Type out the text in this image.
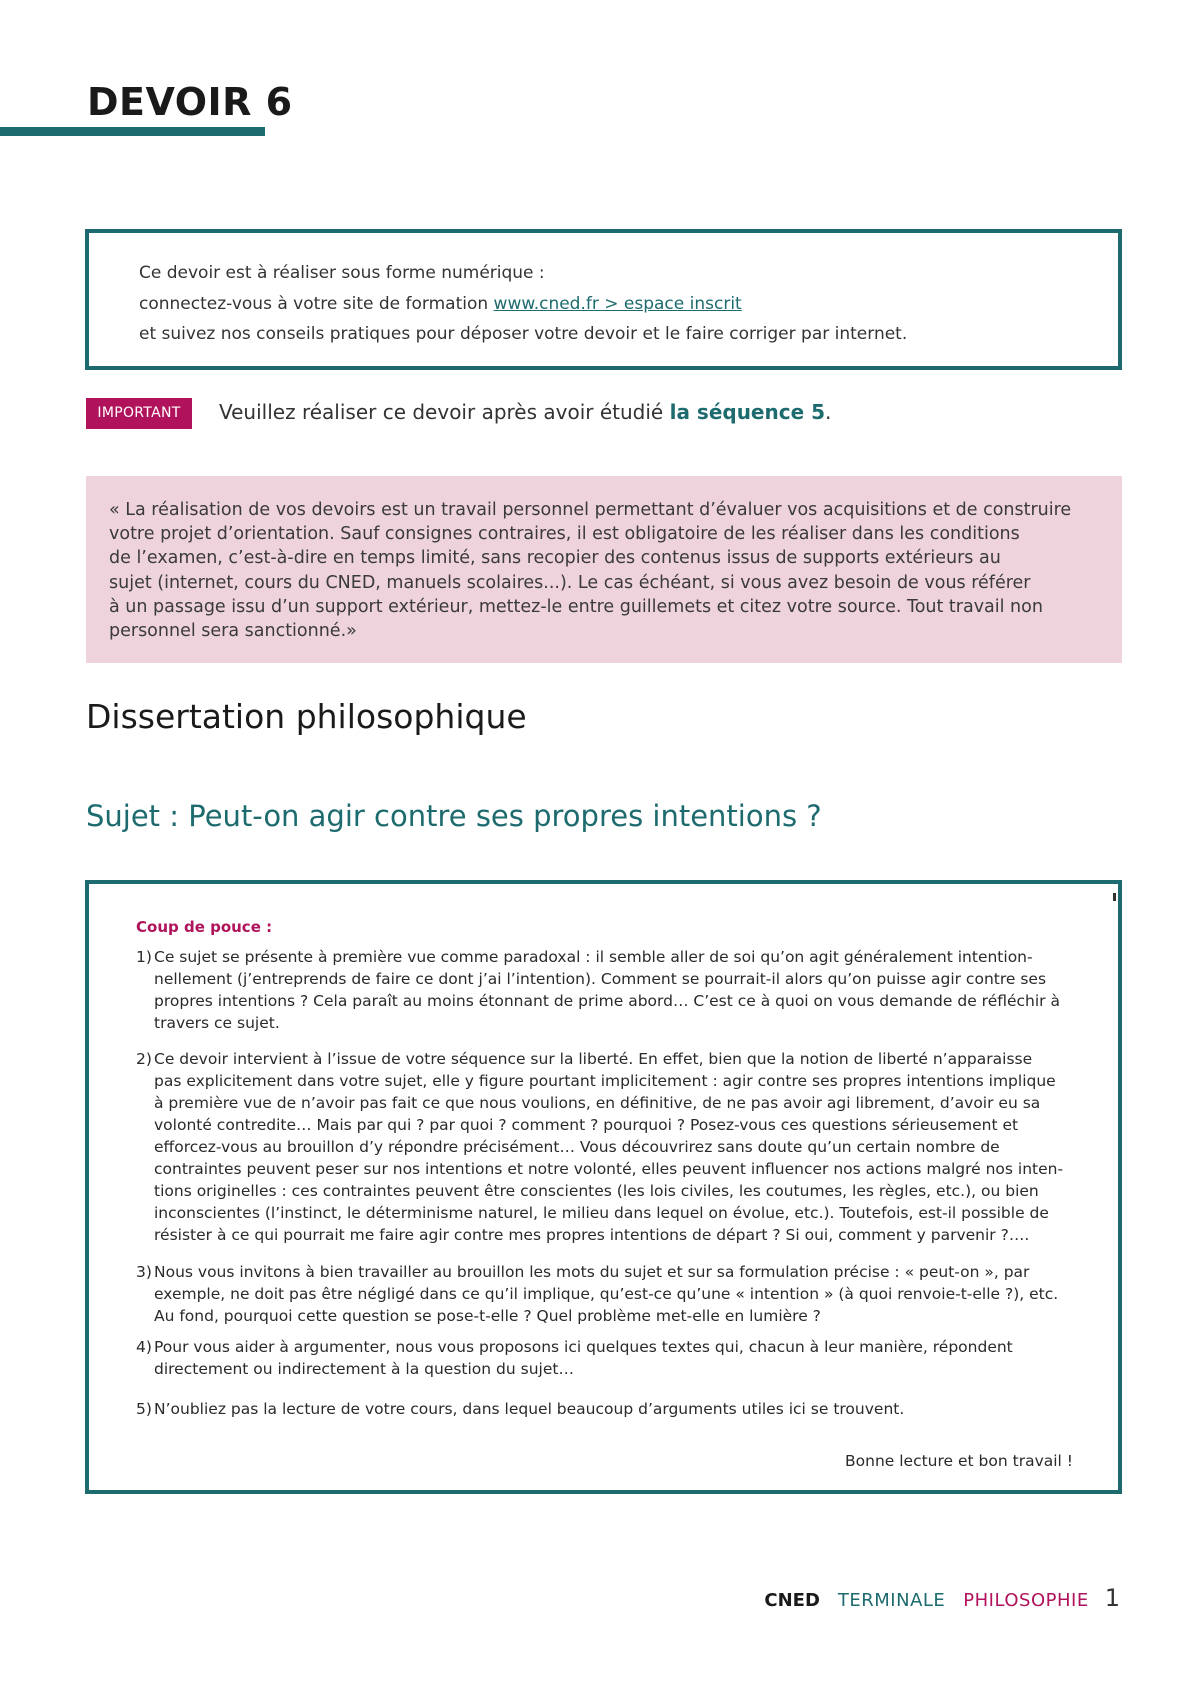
DEVOIR 6
Ce devoir est à réaliser sous forme numérique :
connectez-vous à votre site de formation www.cned.fr > espace inscrit
et suivez nos conseils pratiques pour déposer votre devoir et le faire corriger par internet.
IMPORTANT	Veuillez réaliser ce devoir après avoir étudié la séquence 5.

« La réalisation de vos devoirs est un travail personnel permettant d’évaluer vos acquisitions et de construire

votre projet d’orientation. Sauf consignes contraires, il est obligatoire de les réaliser dans les conditions

de l’examen, c’est-à-dire en temps limité, sans recopier des contenus issus de supports extérieurs au

sujet (internet, cours du CNED, manuels scolaires...). Le cas échéant, si vous avez besoin de vous référer

à un passage issu d’un support extérieur, mettez-le entre guillemets et citez votre source. Tout travail non

personnel sera sanctionné.»

Dissertation philosophique
Sujet : Peut-on agir contre ses propres intentions ?
Coup de pouce :
1) Ce sujet se présente à première vue comme paradoxal : il semble aller de soi qu’on agit généralement intention-
nellement (j’entreprends de faire ce dont j’ai l’intention). Comment se pourrait-il alors qu’on puisse agir contre ses
propres intentions ? Cela paraît au moins étonnant de prime abord… C’est ce à quoi on vous demande de réfléchir à
travers ce sujet.
2) Ce devoir intervient à l’issue de votre séquence sur la liberté. En effet, bien que la notion de liberté n’apparaisse
pas explicitement dans votre sujet, elle y figure pourtant implicitement : agir contre ses propres intentions implique
à première vue de n’avoir pas fait ce que nous voulions, en définitive, de ne pas avoir agi librement, d’avoir eu sa
volonté contredite… Mais par qui ? par quoi ? comment ? pourquoi ? Posez-vous ces questions sérieusement et
efforcez-vous au brouillon d’y répondre précisément… Vous découvrirez sans doute qu’un certain nombre de
contraintes peuvent peser sur nos intentions et notre volonté, elles peuvent influencer nos actions malgré nos inten-
tions originelles : ces contraintes peuvent être conscientes (les lois civiles, les coutumes, les règles, etc.), ou bien
inconscientes (l’instinct, le déterminisme naturel, le milieu dans lequel on évolue, etc.). Toutefois, est-il possible de
résister à ce qui pourrait me faire agir contre mes propres intentions de départ ? Si oui, comment y parvenir ?….
3) Nous vous invitons à bien travailler au brouillon les mots du sujet et sur sa formulation précise : « peut-on », par
exemple, ne doit pas être négligé dans ce qu’il implique, qu’est-ce qu’une « intention » (à quoi renvoie-t-elle ?), etc.
Au fond, pourquoi cette question se pose-t-elle ? Quel problème met-elle en lumière ?
4) Pour vous aider à argumenter, nous vous proposons ici quelques textes qui, chacun à leur manière, répondent
directement ou indirectement à la question du sujet…
5) N’oubliez pas la lecture de votre cours, dans lequel beaucoup d’arguments utiles ici se trouvent.
Bonne lecture et bon travail !
CNED TERMINALE PHILOSOPHIE 1
